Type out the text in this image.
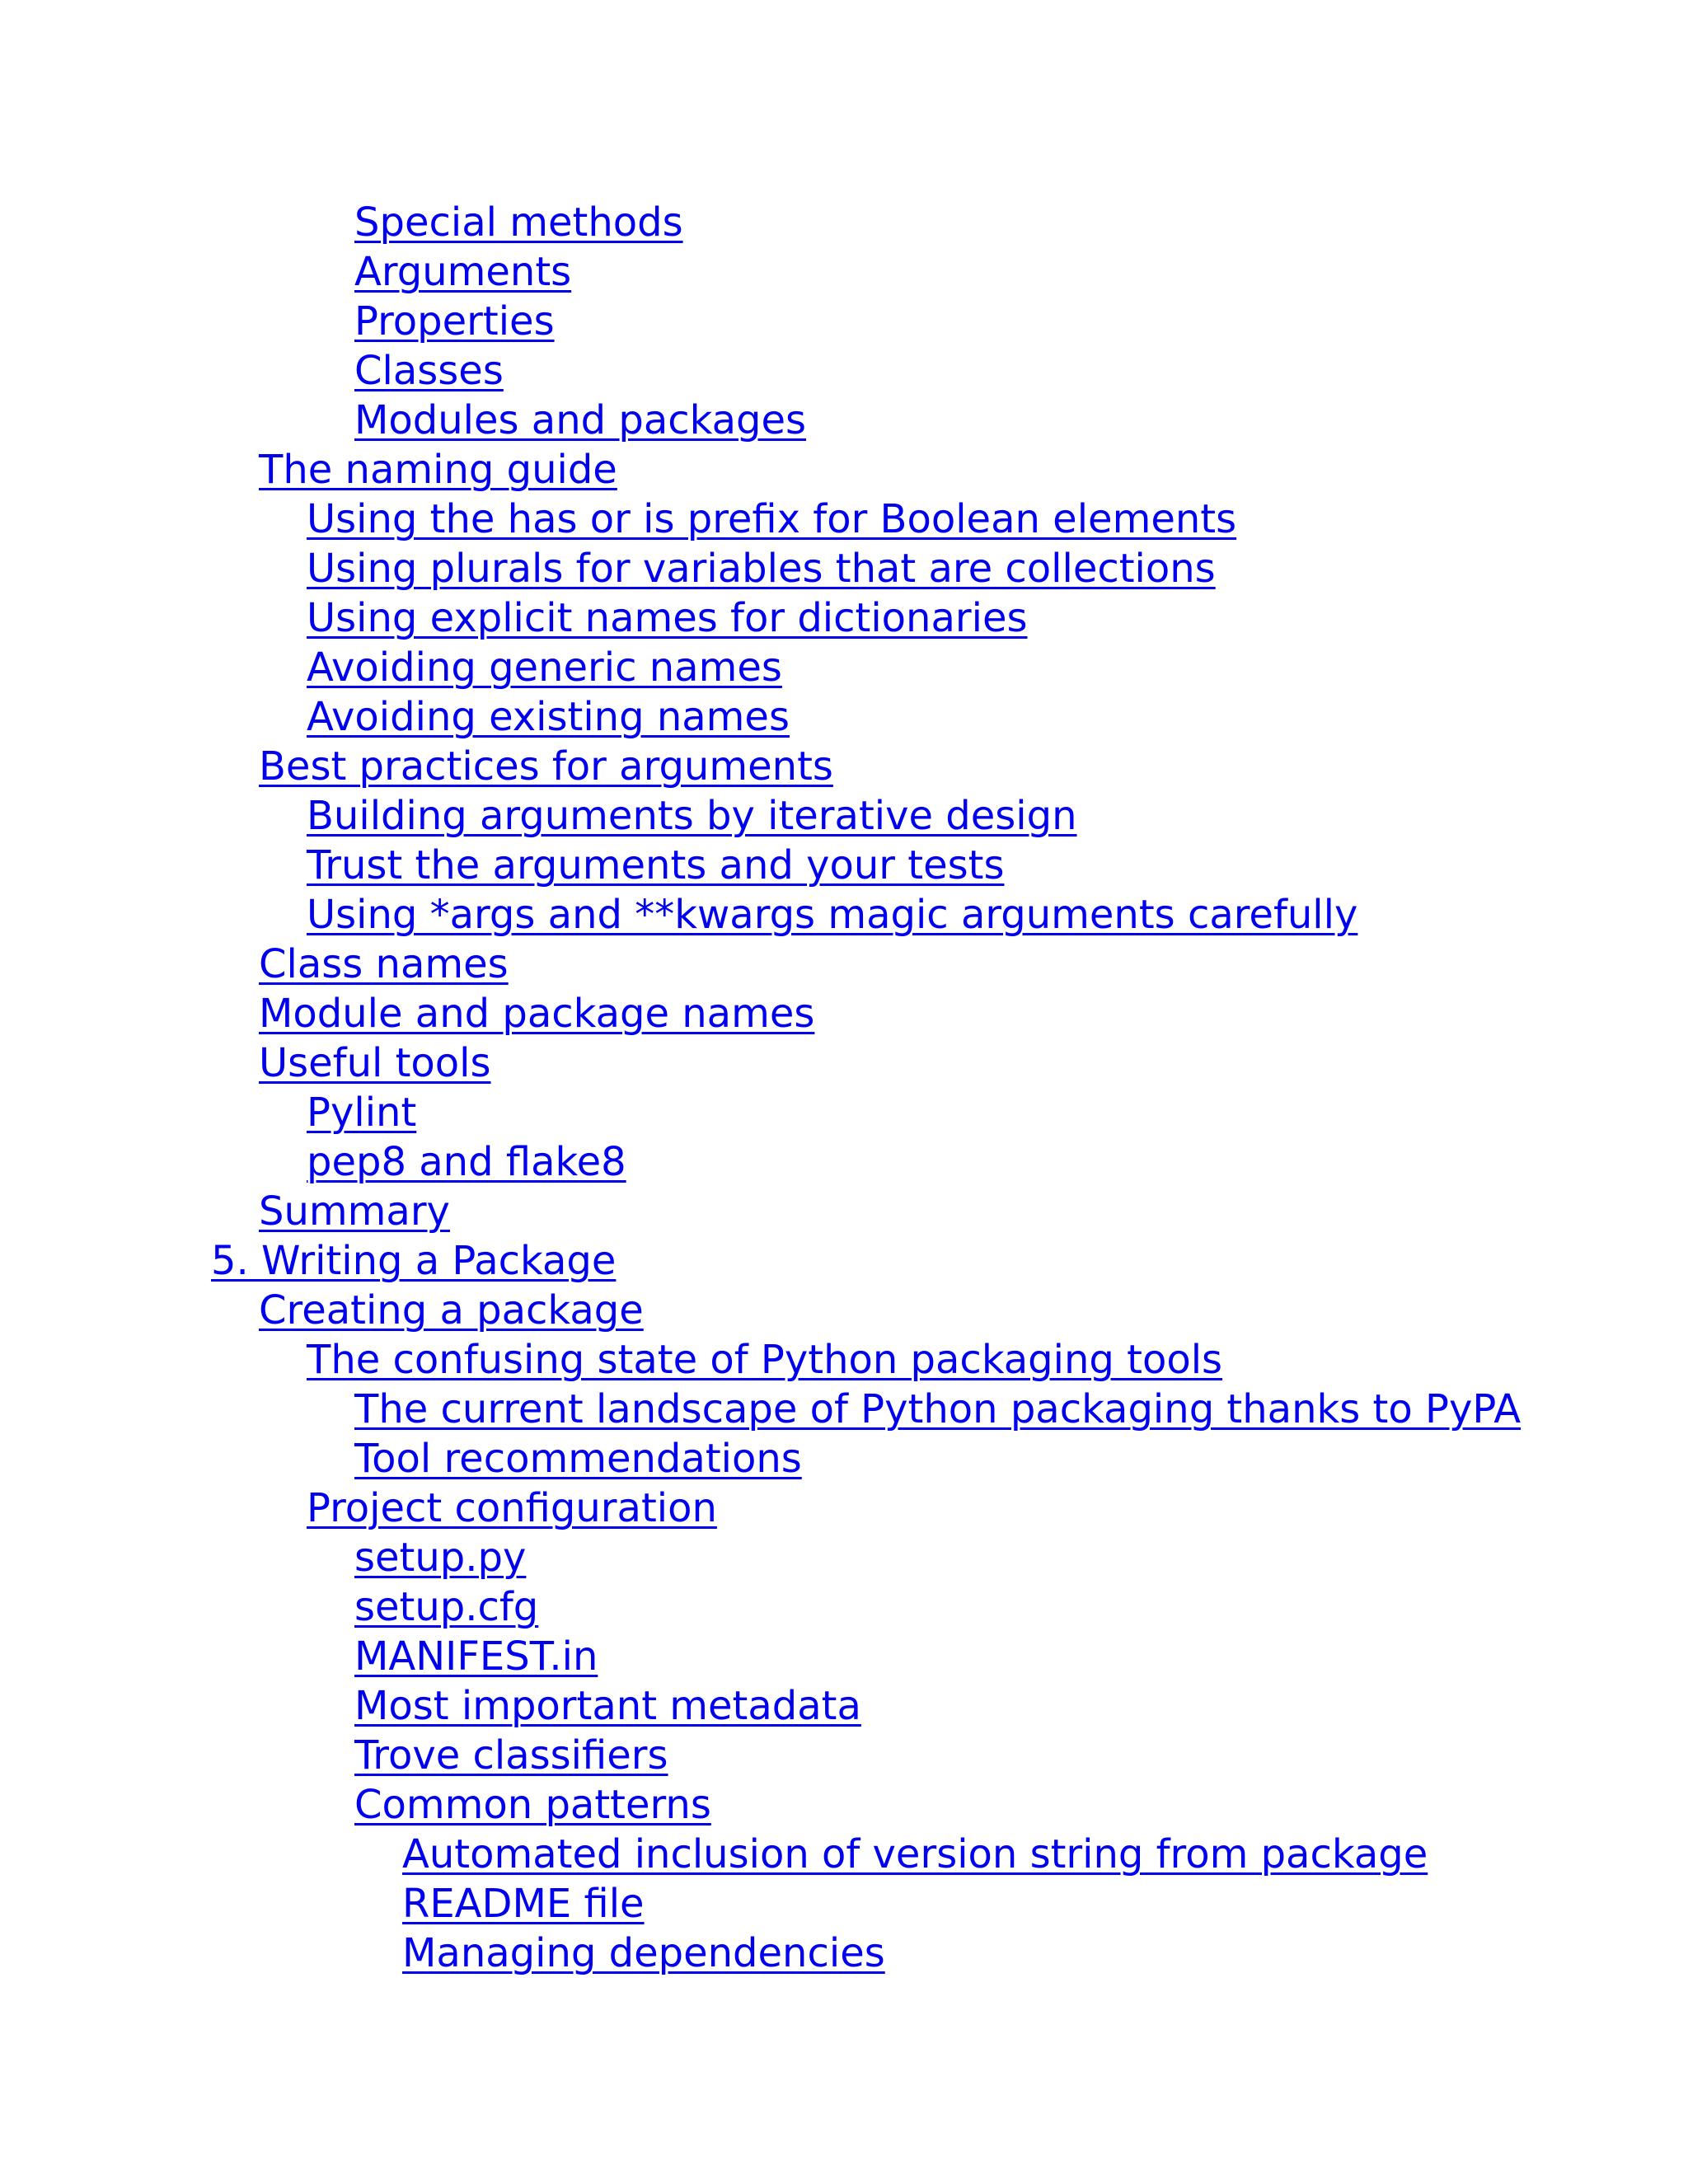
Special methods
Arguments
Properties
Classes
Modules and packages
The naming guide
Using the has or is prefix for Boolean elements
Using plurals for variables that are collections
Using explicit names for dictionaries
Avoiding generic names
Avoiding existing names
Best practices for arguments
Building arguments by iterative design
Trust the arguments and your tests
Using *args and **kwargs magic arguments carefully
Class names
Module and package names
Useful tools
Pylint
pep8 and flake8
Summary
5. Writing a Package
Creating a package
The confusing state of Python packaging tools
The current landscape of Python packaging thanks to PyPA
Tool recommendations
Project configuration
setup.py
setup.cfg
MANIFEST.in
Most important metadata
Trove classifiers
Common patterns
Automated inclusion of version string from package
README file
Managing dependencies
